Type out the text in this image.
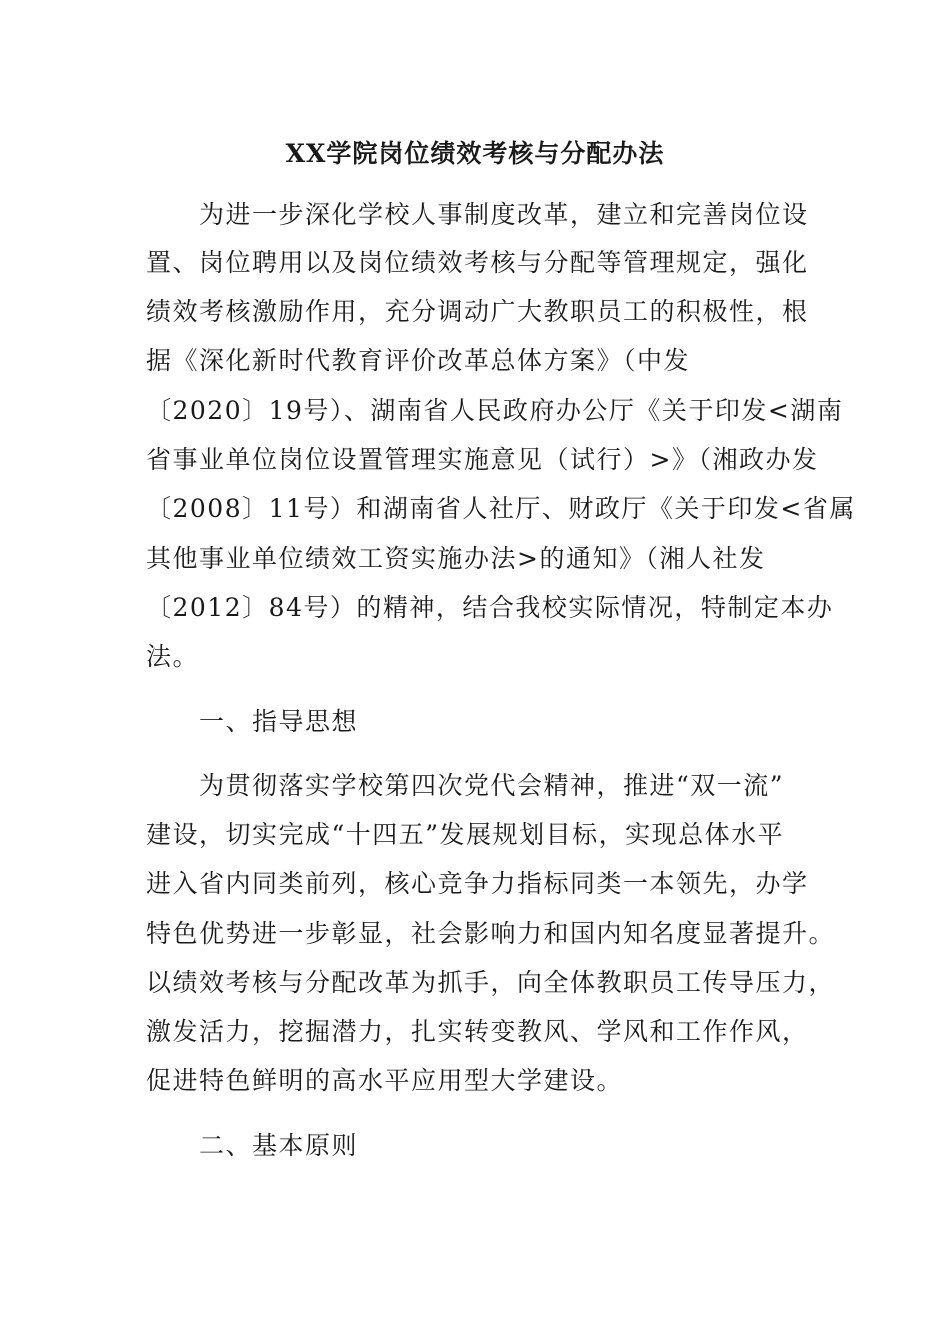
XX学院岗位绩效考核与分配办法
　　为进一步深化学校人事制度改革，建立和完善岗位设
置、岗位聘用以及岗位绩效考核与分配等管理规定，强化
绩效考核激励作用，充分调动广大教职员工的积极性，根
据《深化新时代教育评价改革总体方案》（中发
〔2020〕19号）、湖南省人民政府办公厅《关于印发<湖南
省事业单位岗位设置管理实施意见（试行）>》（湘政办发
〔2008〕11号）和湖南省人社厅、财政厅《关于印发<省属
其他事业单位绩效工资实施办法>的通知》（湘人社发
〔2012〕84号）的精神，结合我校实际情况，特制定本办
法。
　　一、指导思想
　　为贯彻落实学校第四次党代会精神，推进“双一流”
建设，切实完成“十四五”发展规划目标，实现总体水平
进入省内同类前列，核心竞争力指标同类一本领先，办学
特色优势进一步彰显，社会影响力和国内知名度显著提升。
以绩效考核与分配改革为抓手，向全体教职员工传导压力，
激发活力，挖掘潜力，扎实转变教风、学风和工作作风，
促进特色鲜明的高水平应用型大学建设。
　　二、基本原则
